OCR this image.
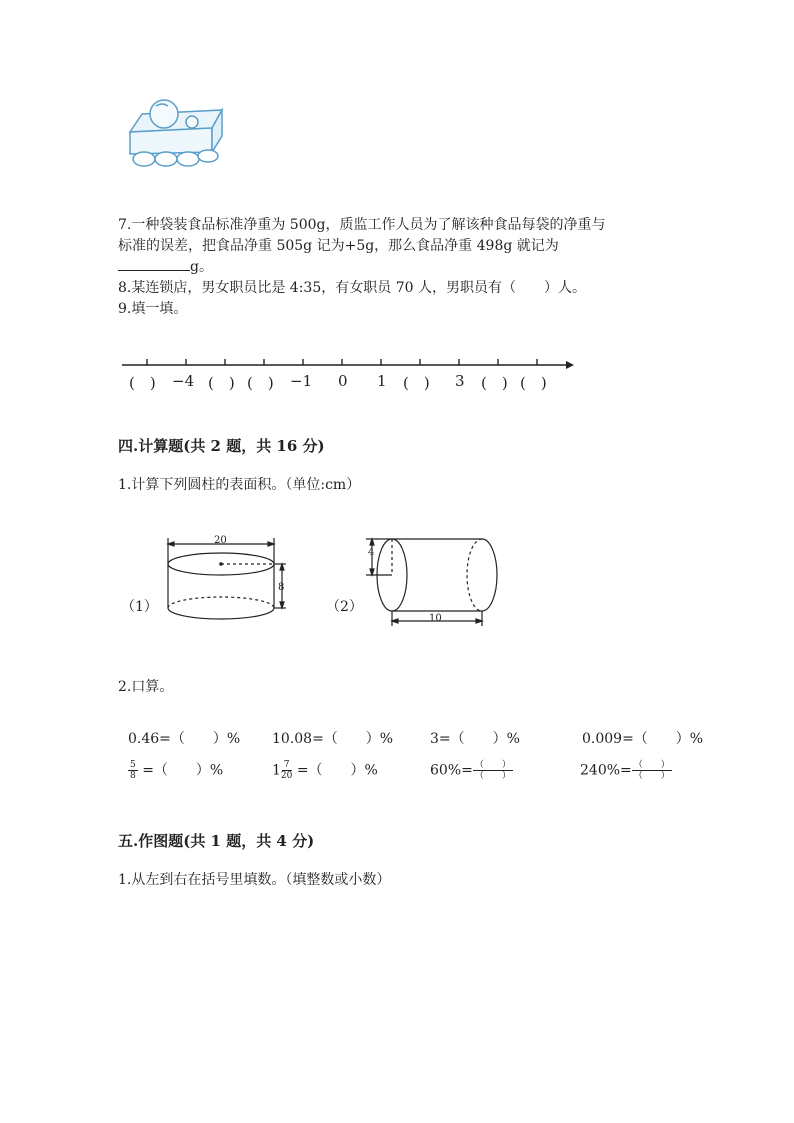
7.一种袋装食品标准净重为 500g，质监工作人员为了解该种食品每袋的净重与
标准的误差，把食品净重 505g 记为+5g，那么食品净重 498g 就记为
g。
8.某连锁店，男女职员比是 4:35，有女职员 70 人，男职员有（　　）人。
9.填一填。
(　) −4 (　) (　) −1 0 1 (　) 3 (　) (　)
四.计算题(共 2 题，共 16 分)
1.计算下列圆柱的表面积。（单位:cm）
（1）
20
8
（2）
4
10
2.口算。
0.46=（　　）% 10.08=（　　）%	3=（　　）%	0.009=（　　）%
$\frac{5}{8}$ =（　　）%	$1 \frac{7}{20}$ =（　　）%	$60\%= \frac{( )}{( )}$	$240\%= \frac{( )}{( )}$
五.作图题(共 1 题，共 4 分)
1.从左到右在括号里填数。（填整数或小数）
